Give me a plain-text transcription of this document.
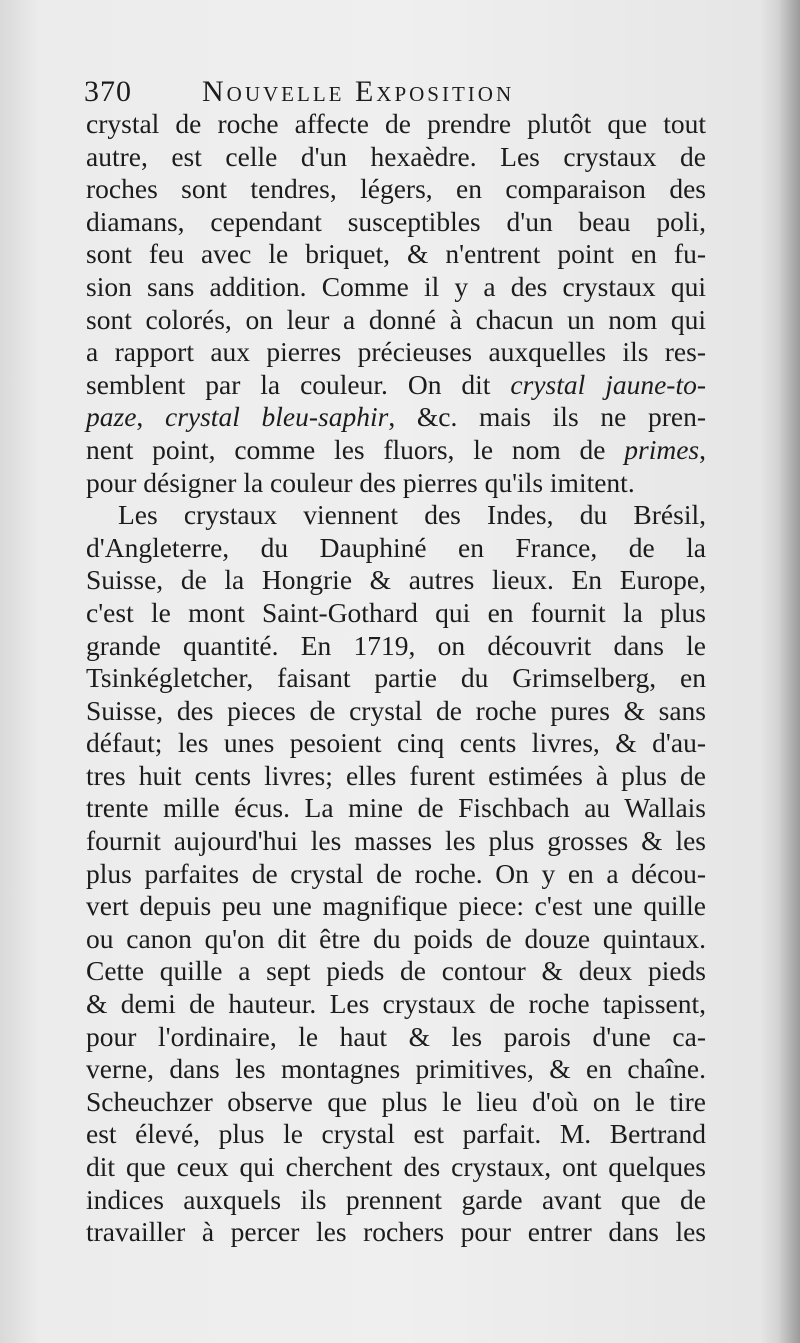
370 Nouvelle Exposition
crystal de roche affecte de prendre plutôt que tout
autre, est celle d'un hexaèdre. Les crystaux de
roches sont tendres, légers, en comparaison des
diamans, cependant susceptibles d'un beau poli,
sont feu avec le briquet, & n'entrent point en fu-
sion sans addition. Comme il y a des crystaux qui
sont colorés, on leur a donné à chacun un nom qui
a rapport aux pierres précieuses auxquelles ils res-
semblent par la couleur. On dit crystal jaune-to-
paze, crystal bleu-saphir, &c. mais ils ne pren-
nent point, comme les fluors, le nom de primes,
pour désigner la couleur des pierres qu'ils imitent.
Les crystaux viennent des Indes, du Brésil,
d'Angleterre, du Dauphiné en France, de la
Suisse, de la Hongrie & autres lieux. En Europe,
c'est le mont Saint-Gothard qui en fournit la plus
grande quantité. En 1719, on découvrit dans le
Tsinkégletcher, faisant partie du Grimselberg, en
Suisse, des pieces de crystal de roche pures & sans
défaut; les unes pesoient cinq cents livres, & d'au-
tres huit cents livres; elles furent estimées à plus de
trente mille écus. La mine de Fischbach au Wallais
fournit aujourd'hui les masses les plus grosses & les
plus parfaites de crystal de roche. On y en a décou-
vert depuis peu une magnifique piece: c'est une quille
ou canon qu'on dit être du poids de douze quintaux.
Cette quille a sept pieds de contour & deux pieds
& demi de hauteur. Les crystaux de roche tapissent,
pour l'ordinaire, le haut & les parois d'une ca-
verne, dans les montagnes primitives, & en chaîne.
Scheuchzer observe que plus le lieu d'où on le tire
est élevé, plus le crystal est parfait. M. Bertrand
dit que ceux qui cherchent des crystaux, ont quelques
indices auxquels ils prennent garde avant que de
travailler à percer les rochers pour entrer dans les
